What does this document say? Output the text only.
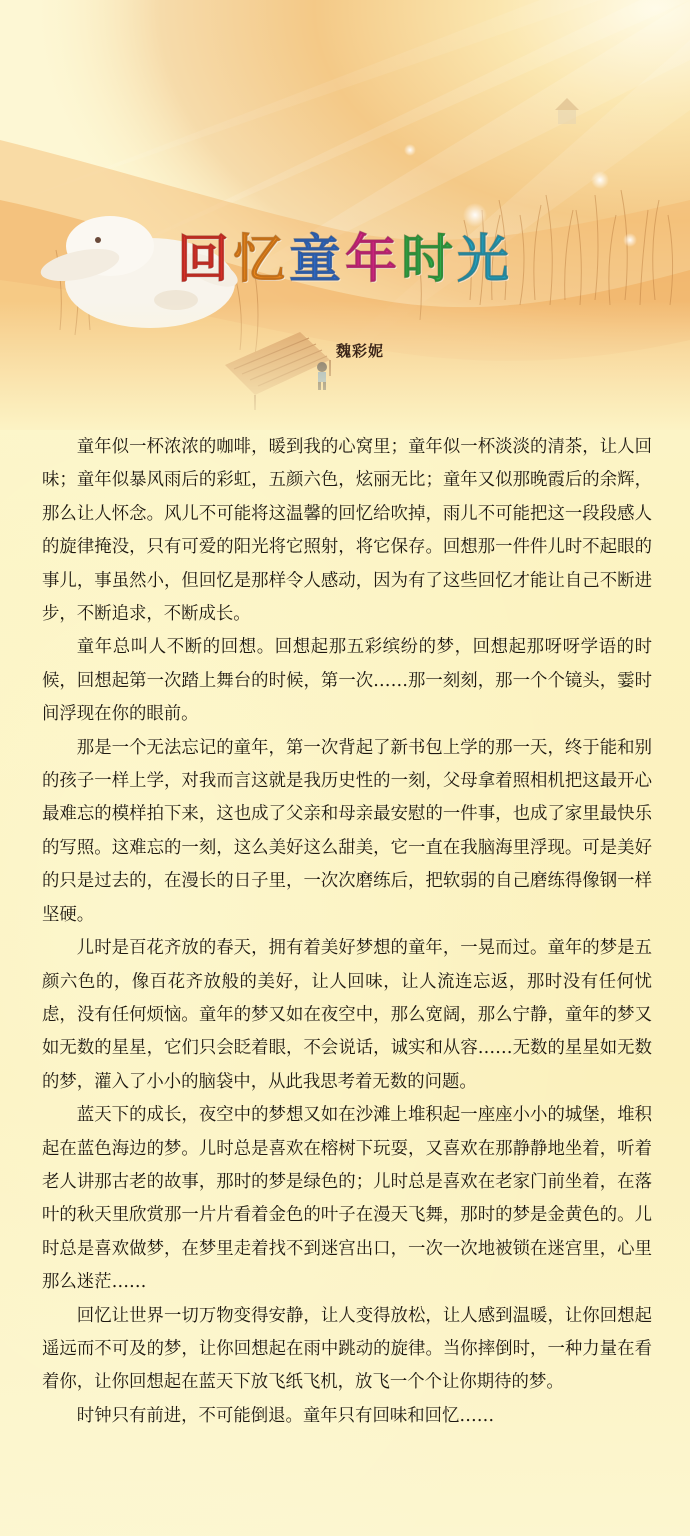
回忆童年时光
魏彩妮

童年似一杯浓浓的咖啡，暖到我的心窝里；童年似一杯淡淡的清茶，让人回味；童年似暴风雨后的彩虹，五颜六色，炫丽无比；童年又似那晚霞后的余辉，那么让人怀念。风儿不可能将这温馨的回忆给吹掉，雨儿不可能把这一段段感人的旋律掩没，只有可爱的阳光将它照射，将它保存。回想那一件件儿时不起眼的事儿，事虽然小，但回忆是那样令人感动，因为有了这些回忆才能让自己不断进步，不断追求，不断成长。

童年总叫人不断的回想。回想起那五彩缤纷的梦，回想起那呀呀学语的时候，回想起第一次踏上舞台的时候，第一次……那一刻刻，那一个个镜头，霎时间浮现在你的眼前。

那是一个无法忘记的童年，第一次背起了新书包上学的那一天，终于能和别的孩子一样上学，对我而言这就是我历史性的一刻，父母拿着照相机把这最开心最难忘的模样拍下来，这也成了父亲和母亲最安慰的一件事，也成了家里最快乐的写照。这难忘的一刻，这么美好这么甜美，它一直在我脑海里浮现。可是美好的只是过去的，在漫长的日子里，一次次磨练后，把软弱的自己磨练得像钢一样坚硬。

儿时是百花齐放的春天，拥有着美好梦想的童年，一晃而过。童年的梦是五颜六色的，像百花齐放般的美好，让人回味，让人流连忘返，那时没有任何忧虑，没有任何烦恼。童年的梦又如在夜空中，那么宽阔，那么宁静，童年的梦又如无数的星星，它们只会眨着眼，不会说话，诚实和从容……无数的星星如无数的梦，灌入了小小的脑袋中，从此我思考着无数的问题。

蓝天下的成长，夜空中的梦想又如在沙滩上堆积起一座座小小的城堡，堆积起在蓝色海边的梦。儿时总是喜欢在榕树下玩耍，又喜欢在那静静地坐着，听着老人讲那古老的故事，那时的梦是绿色的；儿时总是喜欢在老家门前坐着，在落叶的秋天里欣赏那一片片看着金色的叶子在漫天飞舞，那时的梦是金黄色的。儿时总是喜欢做梦，在梦里走着找不到迷宫出口，一次一次地被锁在迷宫里，心里那么迷茫……

回忆让世界一切万物变得安静，让人变得放松，让人感到温暖，让你回想起遥远而不可及的梦，让你回想起在雨中跳动的旋律。当你摔倒时，一种力量在看着你，让你回想起在蓝天下放飞纸飞机，放飞一个个让你期待的梦。

时钟只有前进，不可能倒退。童年只有回味和回忆……
